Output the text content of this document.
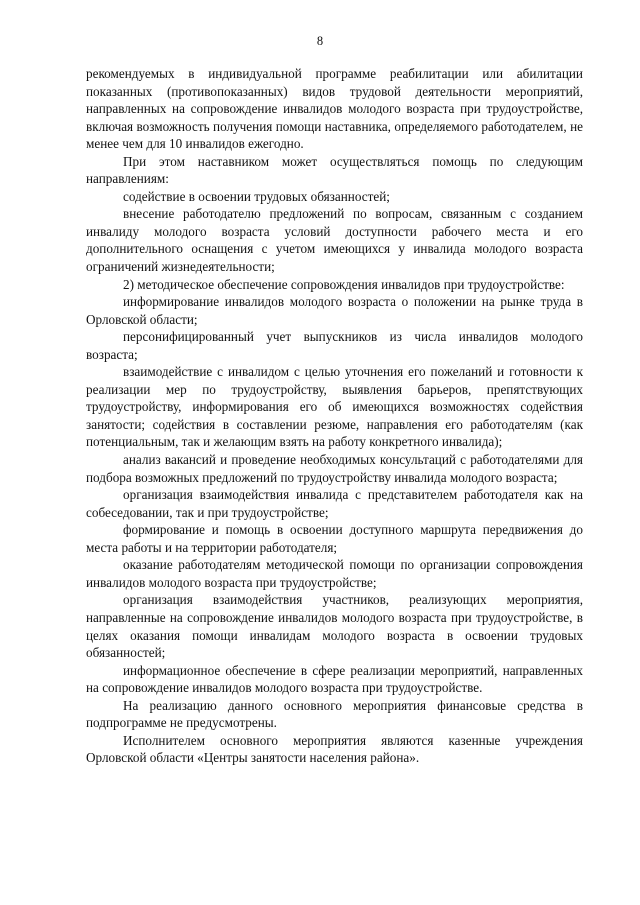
8

рекомендуемых в индивидуальной программе реабилитации или абилитации показанных (противопоказанных) видов трудовой деятельности мероприятий, направленных на сопровождение инвалидов молодого возраста при трудоустройстве, включая возможность получения помощи наставника, определяемого работодателем, не менее чем для 10 инвалидов ежегодно.

При этом наставником может осуществляться помощь по следующим направлениям:

содействие в освоении трудовых обязанностей;

внесение работодателю предложений по вопросам, связанным с созданием инвалиду молодого возраста условий доступности рабочего места и его дополнительного оснащения с учетом имеющихся у инвалида молодого возраста ограничений жизнедеятельности;

2) методическое обеспечение сопровождения инвалидов при трудоустройстве:

информирование инвалидов молодого возраста о положении на рынке труда в Орловской области;

персонифицированный учет выпускников из числа инвалидов молодого возраста;

взаимодействие с инвалидом с целью уточнения его пожеланий и готовности к реализации мер по трудоустройству, выявления барьеров, препятствующих трудоустройству, информирования его об имеющихся возможностях содействия занятости; содействия в составлении резюме, направления его работодателям (как потенциальным, так и желающим взять на работу конкретного инвалида);

анализ вакансий и проведение необходимых консультаций с работодателями для подбора возможных предложений по трудоустройству инвалида молодого возраста;

организация взаимодействия инвалида с представителем работодателя как на собеседовании, так и при трудоустройстве;

формирование и помощь в освоении доступного маршрута передвижения до места работы и на территории работодателя;

оказание работодателям методической помощи по организации сопровождения инвалидов молодого возраста при трудоустройстве;

организация взаимодействия участников, реализующих мероприятия, направленные на сопровождение инвалидов молодого возраста при трудоустройстве, в целях оказания помощи инвалидам молодого возраста в освоении трудовых обязанностей;

информационное обеспечение в сфере реализации мероприятий, направленных на сопровождение инвалидов молодого возраста при трудоустройстве.

На реализацию данного основного мероприятия финансовые средства в подпрограмме не предусмотрены.

Исполнителем основного мероприятия являются казенные учреждения Орловской области «Центры занятости населения района».
